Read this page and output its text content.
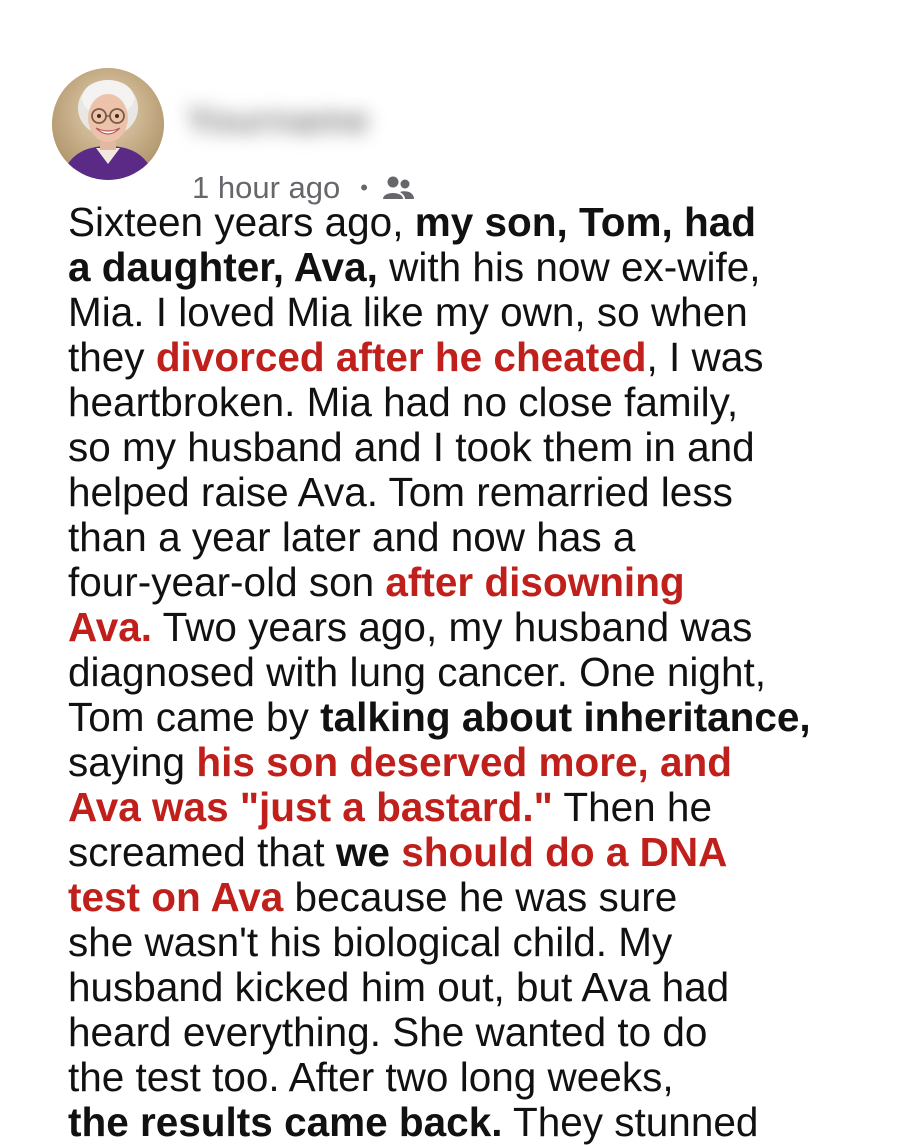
Yourname
1 hour ago •
Sixteen years ago, my son, Tom, had
a daughter, Ava, with his now ex-wife,
Mia. I loved Mia like my own, so when
they divorced after he cheated, I was
heartbroken. Mia had no close family,
so my husband and I took them in and
helped raise Ava. Tom remarried less
than a year later and now has a
four-year-old son after disowning
Ava. Two years ago, my husband was
diagnosed with lung cancer. One night,
Tom came by talking about inheritance,
saying his son deserved more, and
Ava was "just a bastard." Then he
screamed that we should do a DNA
test on Ava because he was sure
she wasn't his biological child. My
husband kicked him out, but Ava had
heard everything. She wanted to do
the test too. After two long weeks,
the results came back. They stunned
